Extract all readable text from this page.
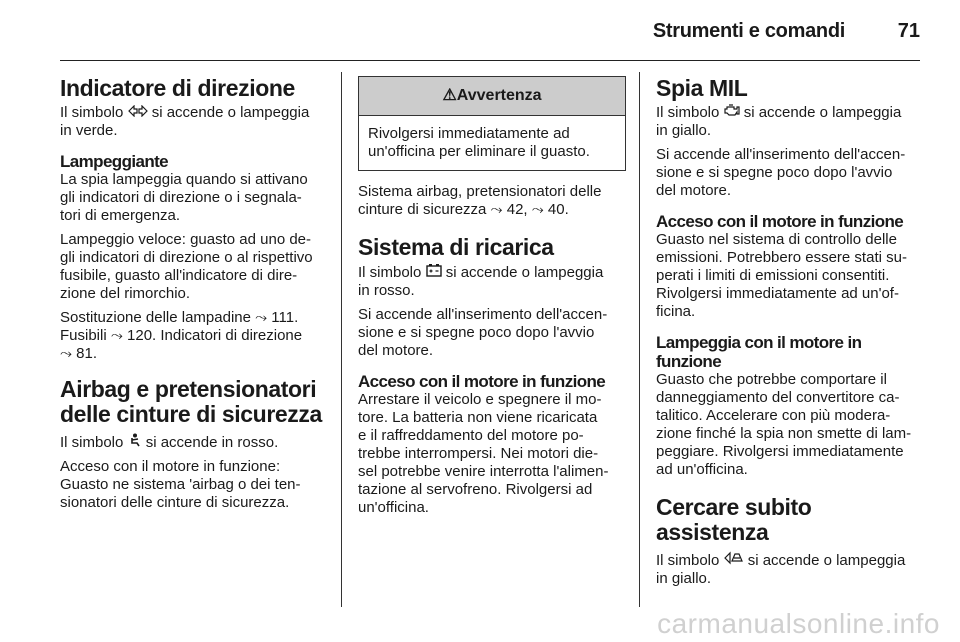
Strumenti e comandi	71
Indicatore di direzione

Il simbolo  si accende o lampeggia
in verde.

Lampeggiante

La spia lampeggia quando si attivano
gli indicatori di direzione o i segnala-
tori di emergenza.

Lampeggio veloce: guasto ad uno de-
gli indicatori di direzione o al rispettivo
fusibile, guasto all'indicatore di dire-
zione del rimorchio.

Sostituzione delle lampadine ⤳ 111.
Fusibili ⤳ 120. Indicatori di direzione
⤳ 81.

Airbag e pretensionatori
delle cinture di sicurezza

Il simbolo  si accende in rosso.

Acceso con il motore in funzione:
Guasto ne sistema 'airbag o dei ten-
sionatori delle cinture di sicurezza.

⚠Avvertenza
Rivolgersi immediatamente ad
un'officina per eliminare il guasto.

Sistema airbag, pretensionatori delle
cinture di sicurezza ⤳ 42, ⤳ 40.

Sistema di ricarica

Il simbolo  si accende o lampeggia
in rosso.

Si accende all'inserimento dell'accen-
sione e si spegne poco dopo l'avvio
del motore.

Acceso con il motore in funzione

Arrestare il veicolo e spegnere il mo-
tore. La batteria non viene ricaricata
e il raffreddamento del motore po-
trebbe interrompersi. Nei motori die-
sel potrebbe venire interrotta l'alimen-
tazione al servofreno. Rivolgersi ad
un'officina.

Spia MIL

Il simbolo  si accende o lampeggia
in giallo.

Si accende all'inserimento dell'accen-
sione e si spegne poco dopo l'avvio
del motore.

Acceso con il motore in funzione

Guasto nel sistema di controllo delle
emissioni. Potrebbero essere stati su-
perati i limiti di emissioni consentiti.
Rivolgersi immediatamente ad un'of-
ficina.

Lampeggia con il motore in
funzione

Guasto che potrebbe comportare il
danneggiamento del convertitore ca-
talitico. Accelerare con più modera-
zione finché la spia non smette di lam-
peggiare. Rivolgersi immediatamente
ad un'officina.

Cercare subito assistenza

Il simbolo  si accende o lampeggia
in giallo.

carmanualsonline.info
